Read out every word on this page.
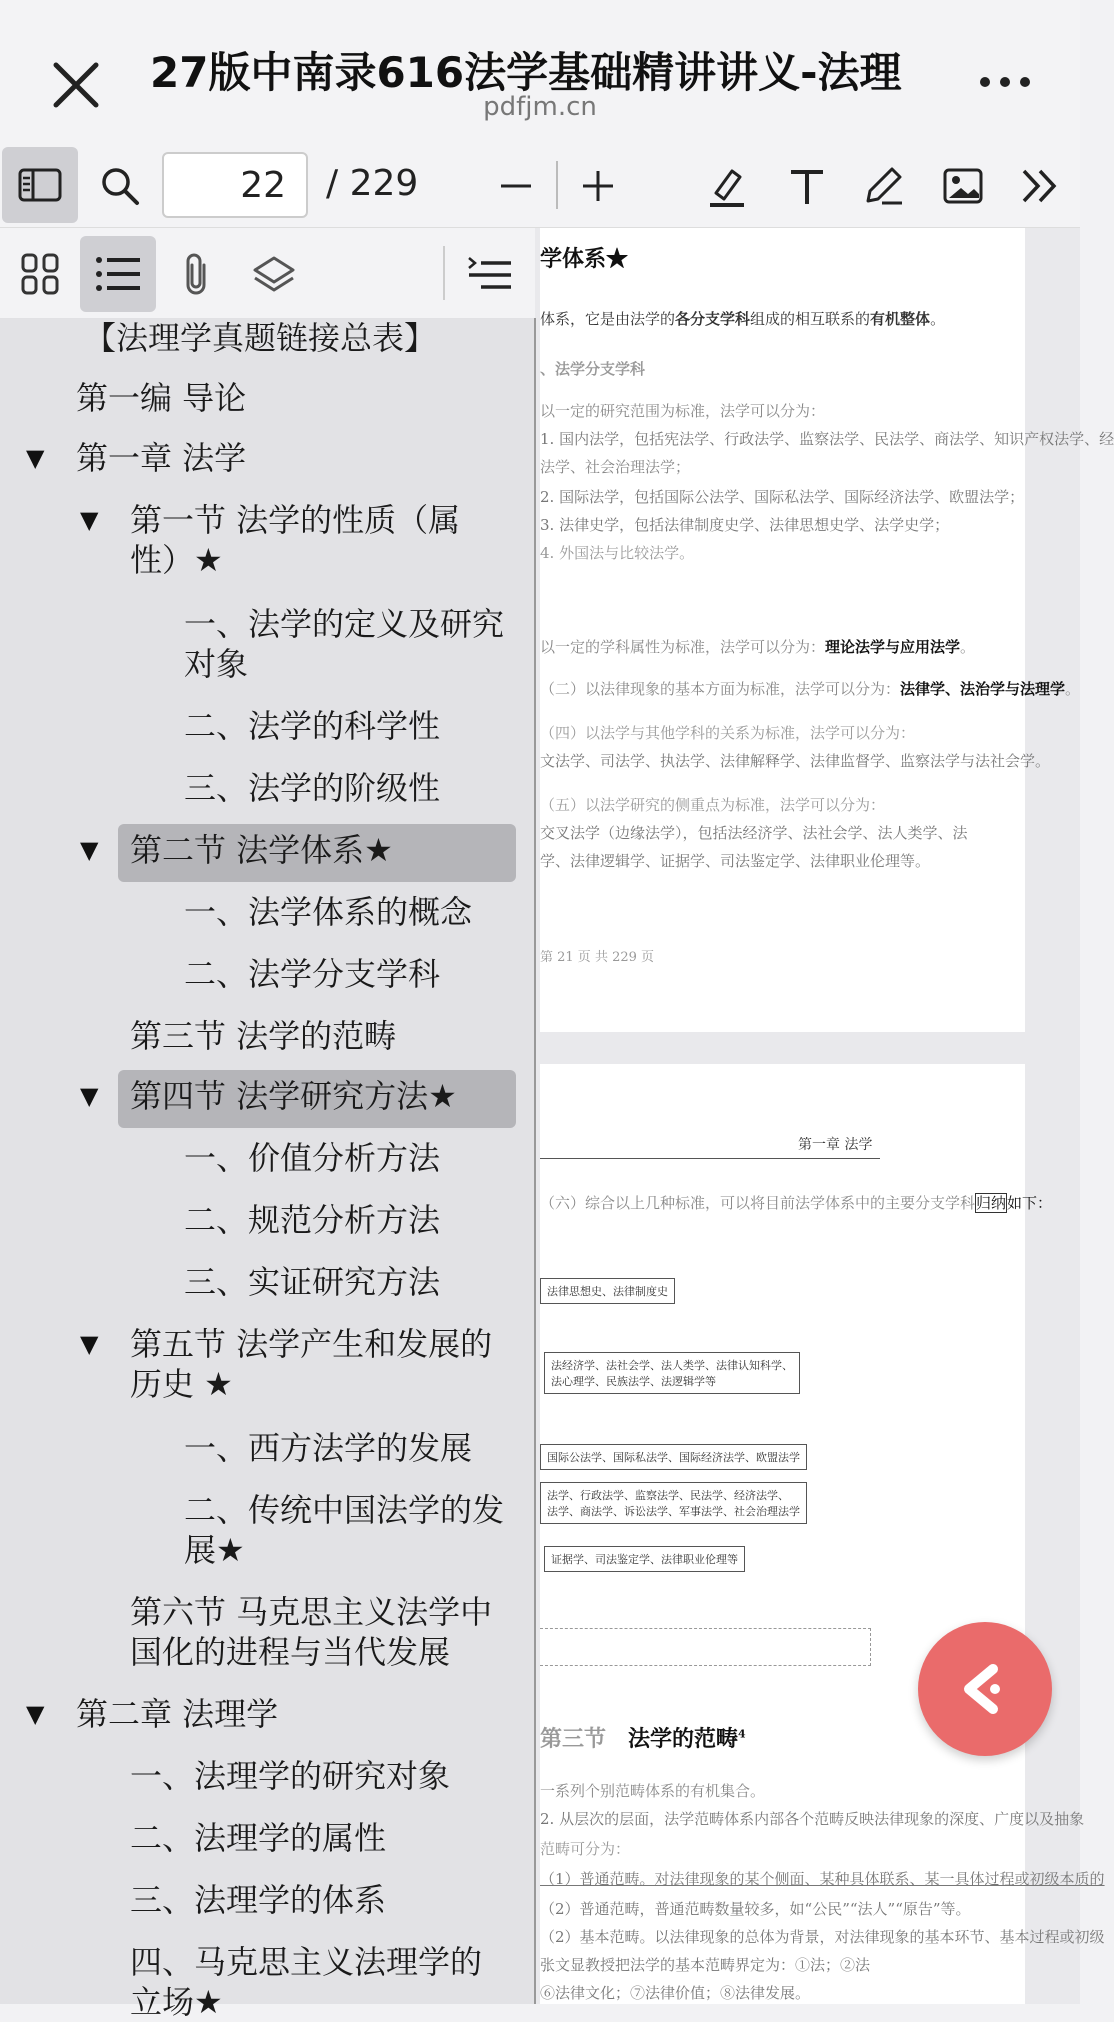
27版中南录616法学基础精讲讲义-法理
pdfjm.cn
22
/ 229
学体系★
体系，它是由法学的各分支学科组成的相互联系的有机整体。
、法学分支学科
以一定的研究范围为标准，法学可以分为：
1. 国内法学，包括宪法学、行政法学、监察法学、民法学、商法学、知识产权法学、经
法学、社会治理法学；
2. 国际法学，包括国际公法学、国际私法学、国际经济法学、欧盟法学；
3. 法律史学，包括法律制度史学、法律思想史学、法学史学；
4. 外国法与比较法学。
以一定的学科属性为标准，法学可以分为：理论法学与应用法学。
（二）以法律现象的基本方面为标准，法学可以分为：法律学、法治学与法理学。
（四）以法学与其他学科的关系为标准，法学可以分为：
文法学、司法学、执法学、法律解释学、法律监督学、监察法学与法社会学。
（五）以法学研究的侧重点为标准，法学可以分为：
交叉法学（边缘法学），包括法经济学、法社会学、法人类学、法
学、法律逻辑学、证据学、司法鉴定学、法律职业伦理等。
第 21 页 共 229 页
第一章 法学
（六）综合以上几种标准，可以将目前法学体系中的主要分支学科归纳如下：
法律思想史、法律制度史
法经济学、法社会学、法人类学、法律认知科学、
法心理学、民族法学、法逻辑学等
国际公法学、国际私法学、国际经济法学、欧盟法学
法学、行政法学、监察法学、民法学、经济法学、
法学、商法学、诉讼法学、军事法学、社会治理法学
证据学、司法鉴定学、法律职业伦理等
第三节　法学的范畴$^4$
一系列个别范畴体系的有机集合。
2. 从层次的层面，法学范畴体系内部各个范畴反映法律现象的深度、广度以及抽象
范畴可分为：
（1）普通范畴。对法律现象的某个侧面、某种具体联系、某一具体过程或初级本质的
（2）普通范畴，普通范畴数量较多，如“公民”“法人”“原告”等。
（2）基本范畴。以法律现象的总体为背景，对法律现象的基本环节、基本过程或初级
张文显教授把法学的基本范畴界定为：①法；②法
⑥法律文化；⑦法律价值；⑧法律发展。
【法理学真题链接总表】
第一编 导论
▼ 第一章 法学
▼ 第一节 法学的性质（属
性）★
一、法学的定义及研究
对象
二、法学的科学性
三、法学的阶级性
▼ 第二节 法学体系★
一、法学体系的概念
二、法学分支学科
第三节 法学的范畴
▼ 第四节 法学研究方法★
一、价值分析方法
二、规范分析方法
三、实证研究方法
▼ 第五节 法学产生和发展的
历史 ★
一、西方法学的发展
二、传统中国法学的发
展★
第六节 马克思主义法学中
国化的进程与当代发展
▼ 第二章 法理学
一、法理学的研究对象
二、法理学的属性
三、法理学的体系
四、马克思主义法理学的
立场★
